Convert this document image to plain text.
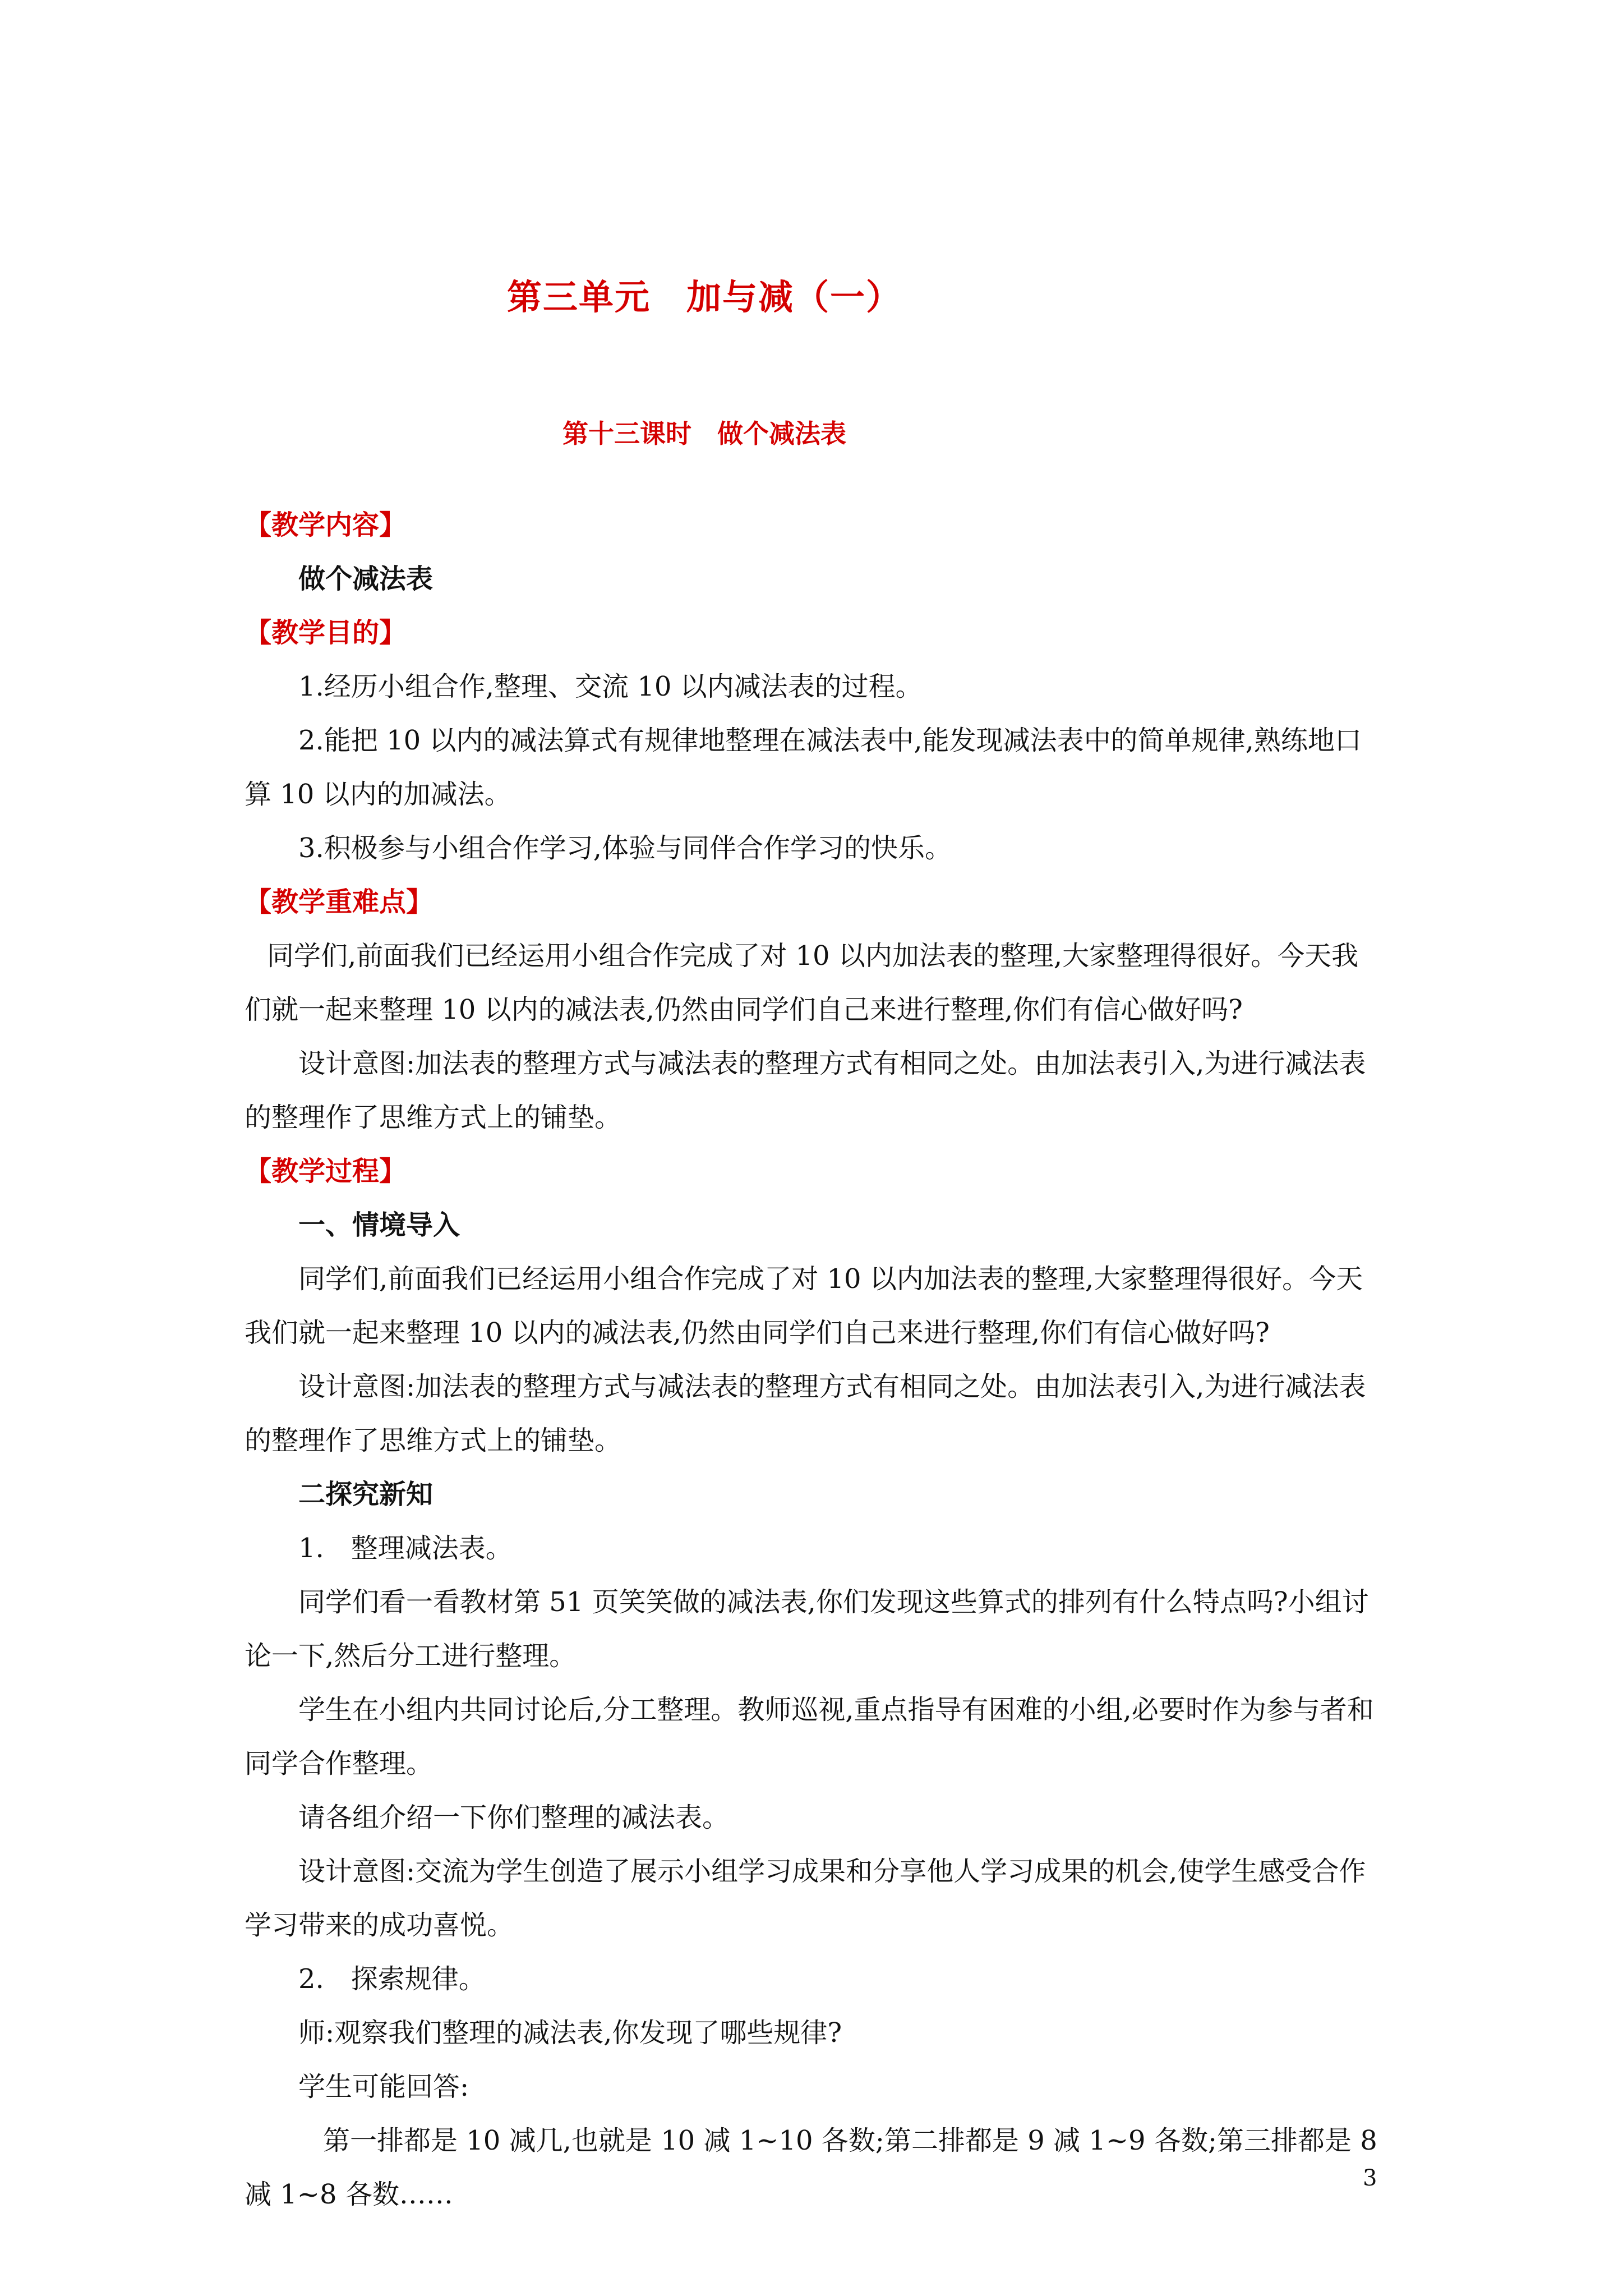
第三单元　加与减（一）
第十三课时　做个减法表

【教学内容】

做个减法表

【教学目的】

1.经历小组合作,整理、交流 10 以内减法表的过程。

2.能把 10 以内的减法算式有规律地整理在减法表中,能发现减法表中的简单规律,熟练地口算 10 以内的加减法。

3.积极参与小组合作学习,体验与同伴合作学习的快乐。

【教学重难点】

同学们,前面我们已经运用小组合作完成了对 10 以内加法表的整理,大家整理得很好。今天我们就一起来整理 10 以内的减法表,仍然由同学们自己来进行整理,你们有信心做好吗?

设计意图:加法表的整理方式与减法表的整理方式有相同之处。由加法表引入,为进行减法表的整理作了思维方式上的铺垫。

【教学过程】

一、情境导入

同学们,前面我们已经运用小组合作完成了对 10 以内加法表的整理,大家整理得很好。今天我们就一起来整理 10 以内的减法表,仍然由同学们自己来进行整理,你们有信心做好吗?

设计意图:加法表的整理方式与减法表的整理方式有相同之处。由加法表引入,为进行减法表的整理作了思维方式上的铺垫。

二探究新知

1.　整理减法表。

同学们看一看教材第 51 页笑笑做的减法表,你们发现这些算式的排列有什么特点吗?小组讨论一下,然后分工进行整理。

学生在小组内共同讨论后,分工整理。教师巡视,重点指导有困难的小组,必要时作为参与者和同学合作整理。

请各组介绍一下你们整理的减法表。

设计意图:交流为学生创造了展示小组学习成果和分享他人学习成果的机会,使学生感受合作学习带来的成功喜悦。

2.　探索规律。

师:观察我们整理的减法表,你发现了哪些规律?

学生可能回答:

第一排都是 10 减几,也就是 10 减 1~10 各数;第二排都是 9 减 1~9 各数;第三排都是 8 减 1~8 各数……

3
